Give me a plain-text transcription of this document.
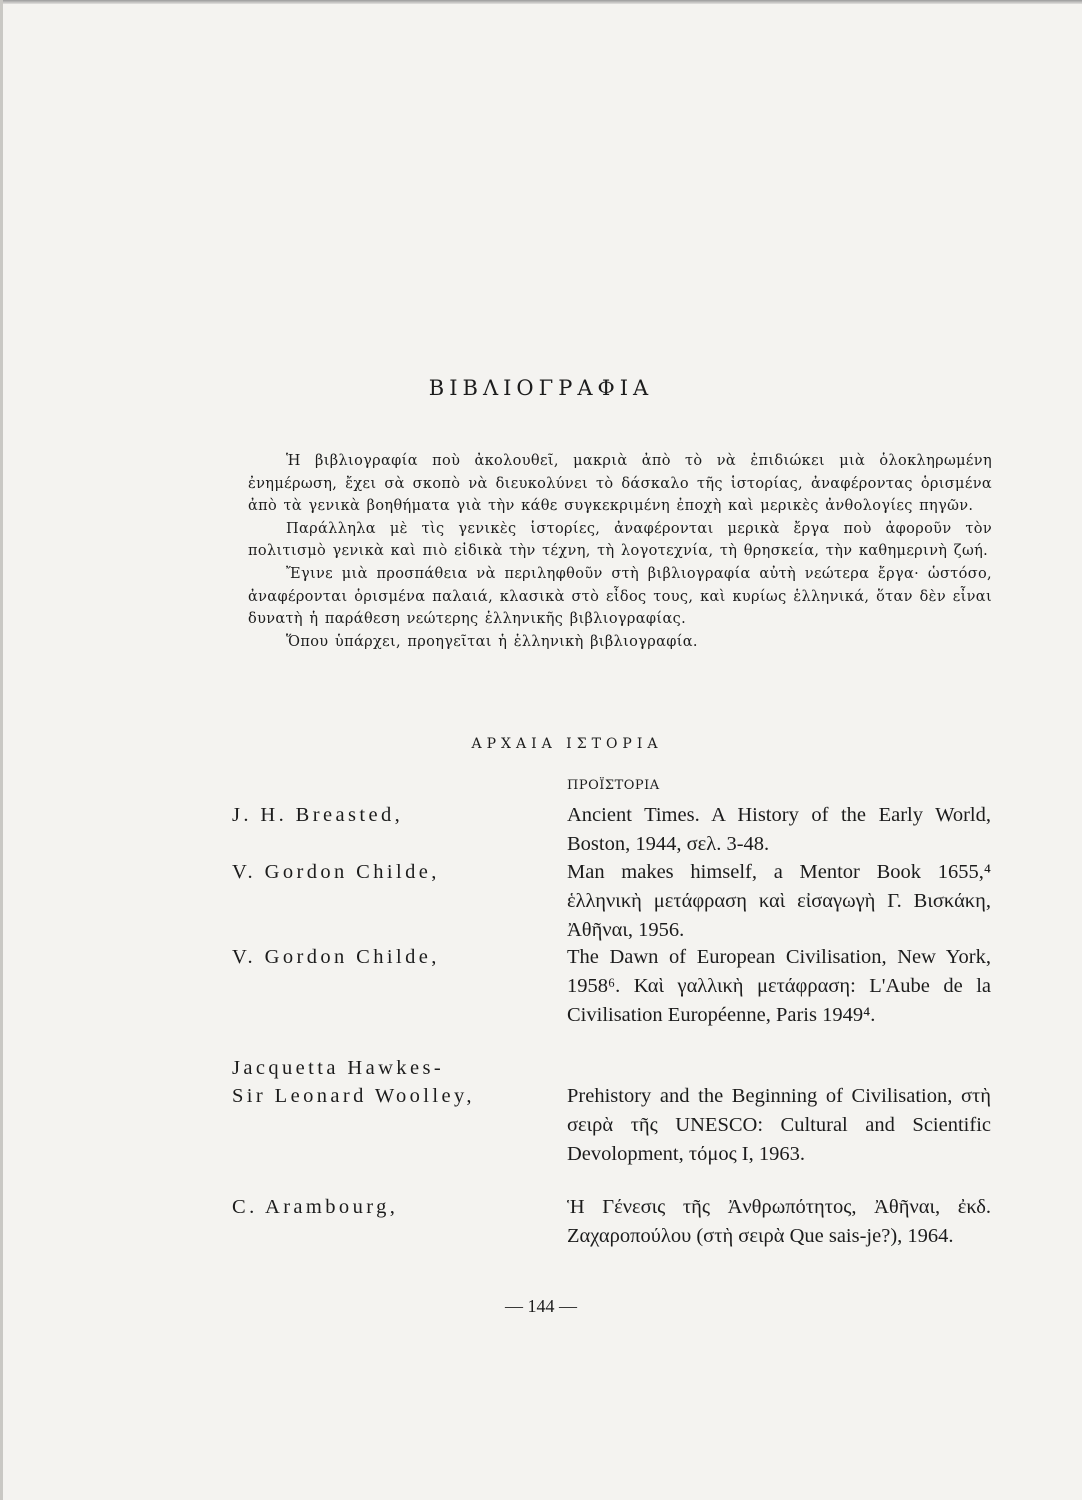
ΒΙΒΛΙΟΓΡΑΦΙΑ

Ἡ βιβλιογραφία ποὺ ἀκολουθεῖ, μακριὰ ἀπὸ τὸ νὰ ἐπιδιώκει μιὰ ὁλοκληρωμένη ἐνημέρωση, ἔχει σὰ σκοπὸ νὰ διευκολύνει τὸ δάσκαλο τῆς ἱστορίας, ἀναφέροντας ὁρισμένα ἀπὸ τὰ γενικὰ βοηθήματα γιὰ τὴν κάθε συγκεκριμένη ἐποχὴ καὶ μερικὲς ἀνθολογίες πηγῶν.

Παράλληλα μὲ τὶς γενικὲς ἱστορίες, ἀναφέρονται μερικὰ ἔργα ποὺ ἀφοροῦν τὸν πολιτισμὸ γενικὰ καὶ πιὸ εἰδικὰ τὴν τέχνη, τὴ λογοτεχνία, τὴ θρησκεία, τὴν καθημερινὴ ζωή.

Ἔγινε μιὰ προσπάθεια νὰ περιληφθοῦν στὴ βιβλιογραφία αὐτὴ νεώτερα ἔργα· ὡστόσο, ἀναφέρονται ὁρισμένα παλαιά, κλασικὰ στὸ εἶδος τους, καὶ κυρίως ἑλληνικά, ὅταν δὲν εἶναι δυνατὴ ἡ παράθεση νεώτερης ἑλληνικῆς βιβλιογραφίας.

Ὅπου ὑπάρχει, προηγεῖται ἡ ἑλληνικὴ βιβλιογραφία.

ΑΡΧΑΙΑ ΙΣΤΟΡΙΑ
ΠΡΟΪΣΤΟΡΙΑ
J. H. Breasted,	Ancient Times. A History of the Early World, Boston, 1944, σελ. 3-48.
V. Gordon Childe,	Man makes himself, a Mentor Book 1655,⁴ ἑλληνικὴ μετάφραση καὶ εἰσαγωγὴ Γ. Βισκάκη, Ἀθῆναι, 1956.
V. Gordon Childe,	The Dawn of European Civilisation, New York, 1958⁶. Καὶ γαλλικὴ μετάφραση: L'Aube de la Civilisation Européenne, Paris 1949⁴.
Jacquetta Hawkes-
Sir Leonard Woolley,	Prehistory and the Beginning of Civilisation, στὴ σειρὰ τῆς UNESCO: Cultural and Scientific Devolopment, τόμος I, 1963.
C. Arambourg,	Ἡ Γένεσις τῆς Ἀνθρωπότητος, Ἀθῆναι, ἐκδ. Ζαχαροπούλου (στὴ σειρὰ Que sais-je?), 1964.
— 144 —
